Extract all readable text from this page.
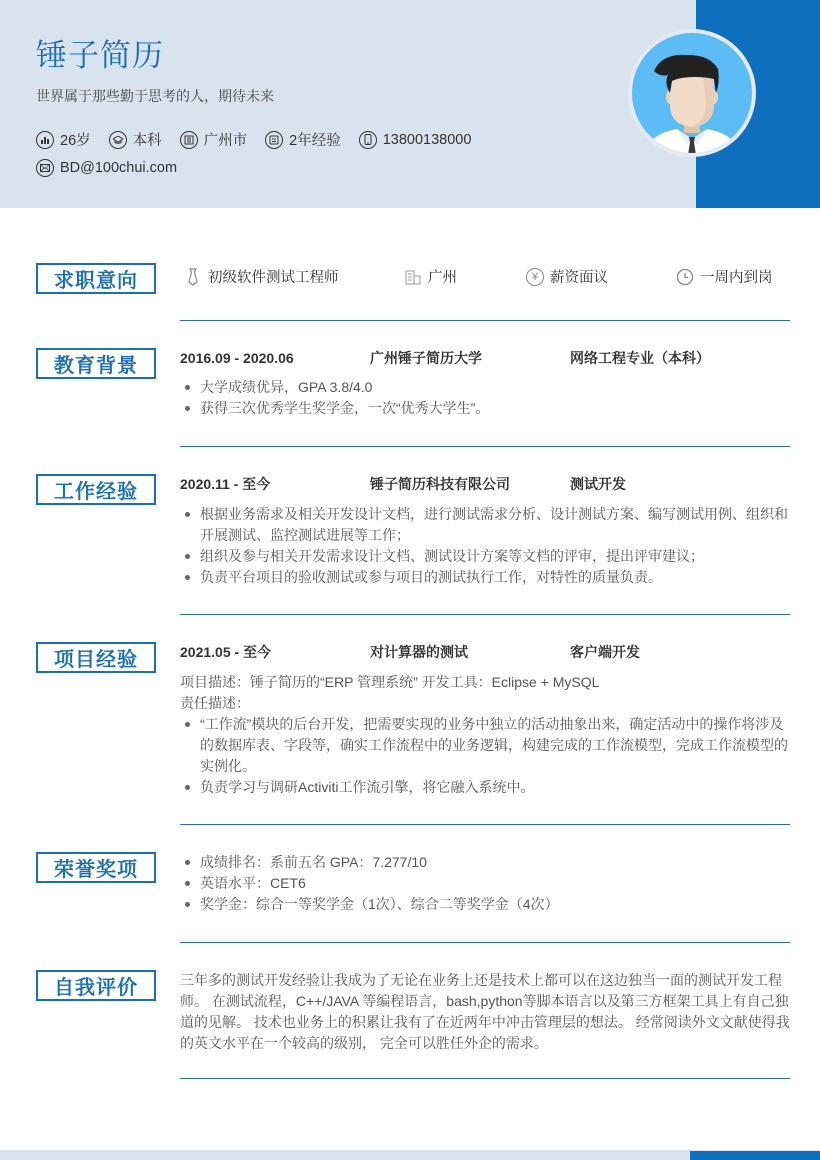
锤子简历
世界属于那些勤于思考的人，期待未来
26岁	本科	广州市	2年经验	13800138000
BD@100chui.com
求职意向	初级软件测试工程师	广州	¥ 薪资面议	一周内到岗
教育背景	2016.09 - 2020.06	广州锤子简历大学	网络工程专业（本科）
大学成绩优异，GPA 3.8/4.0
获得三次优秀学生奖学金，一次“优秀大学生”。
工作经验	2020.11 - 至今	锤子简历科技有限公司	测试开发
根据业务需求及相关开发设计文档，进行测试需求分析、设计测试方案、编写测试用例、组织和开展测试、监控测试进展等工作；
组织及参与相关开发需求设计文档、测试设计方案等文档的评审，提出评审建议；
负责平台项目的验收测试或参与项目的测试执行工作，对特性的质量负责。
项目经验	2021.05 - 至今	对计算器的测试	客户端开发
项目描述：锤子简历的“ERP 管理系统” 开发工具：Eclipse + MySQL
责任描述：
“工作流”模块的后台开发，把需要实现的业务中独立的活动抽象出来，确定活动中的操作将涉及的数据库表、字段等，确实工作流程中的业务逻辑，构建完成的工作流模型，完成工作流模型的实例化。
负责学习与调研Activiti工作流引擎，将它融入系统中。
荣誉奖项	成绩排名：系前五名 GPA：7.277/10
英语水平：CET6
奖学金：综合一等奖学金（1次）、综合二等奖学金（4次）
自我评价	三年多的测试开发经验让我成为了无论在业务上还是技术上都可以在这边独当一面的测试开发工程师。 在测试流程，C++/JAVA 等编程语言，bash,python等脚本语言以及第三方框架工具上有自己独道的见解。 技术也业务上的积累让我有了在近两年中冲击管理层的想法。 经常阅读外文文献使得我的英文水平在一个较高的级别， 完全可以胜任外企的需求。
